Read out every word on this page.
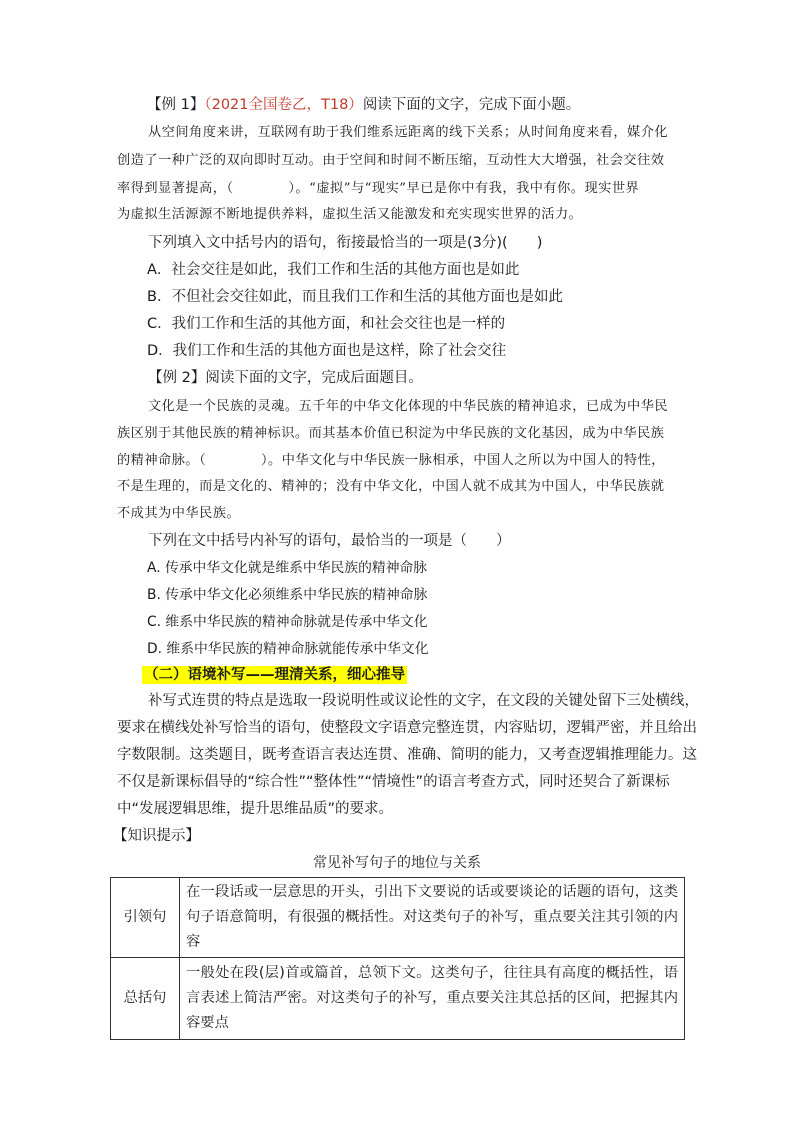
【例 1】（2021全国卷乙，T18）阅读下面的文字，完成下面小题。
从空间角度来讲，互联网有助于我们维系远距离的线下关系；从时间角度来看，媒介化
创造了一种广泛的双向即时互动。由于空间和时间不断压缩，互动性大大增强，社会交往效
率得到显著提高，（　　　　）。“虚拟”与“现实”早已是你中有我，我中有你。现实世界
为虚拟生活源源不断地提供养料，虚拟生活又能激发和充实现实世界的活力。
下列填入文中括号内的语句，衔接最恰当的一项是(3分)(　　)
A．社会交往是如此，我们工作和生活的其他方面也是如此
B．不但社会交往如此，而且我们工作和生活的其他方面也是如此
C．我们工作和生活的其他方面，和社会交往也是一样的
D．我们工作和生活的其他方面也是这样，除了社会交往
【例 2】阅读下面的文字，完成后面题目。
文化是一个民族的灵魂。五千年的中华文化体现的中华民族的精神追求，已成为中华民
族区别于其他民族的精神标识。而其基本价值已积淀为中华民族的文化基因，成为中华民族
的精神命脉。（　　　　）。中华文化与中华民族一脉相承，中国人之所以为中国人的特性，
不是生理的，而是文化的、精神的；没有中华文化，中国人就不成其为中国人，中华民族就
不成其为中华民族。
下列在文中括号内补写的语句，最恰当的一项是（　　）
A. 传承中华文化就是维系中华民族的精神命脉
B. 传承中华文化必须维系中华民族的精神命脉
C. 维系中华民族的精神命脉就是传承中华文化
D. 维系中华民族的精神命脉就能传承中华文化
（二）语境补写——理清关系，细心推导
补写式连贯的特点是选取一段说明性或议论性的文字，在文段的关键处留下三处横线，
要求在横线处补写恰当的语句，使整段文字语意完整连贯，内容贴切，逻辑严密，并且给出
字数限制。这类题目，既考查语言表达连贯、准确、简明的能力，又考查逻辑推理能力。这
不仅是新课标倡导的“综合性”“整体性”“情境性”的语言考查方式，同时还契合了新课标
中“发展逻辑思维，提升思维品质”的要求。
【知识提示】
常见补写句子的地位与关系
引领句	在一段话或一层意思的开头，引出下文要说的话或要谈论的话题的语句，这类句子语意简明，有很强的概括性。对这类句子的补写，重点要关注其引领的内容
总括句	一般处在段(层)首或篇首，总领下文。这类句子，往往具有高度的概括性，语言表述上简洁严密。对这类句子的补写，重点要关注其总括的区间，把握其内容要点
